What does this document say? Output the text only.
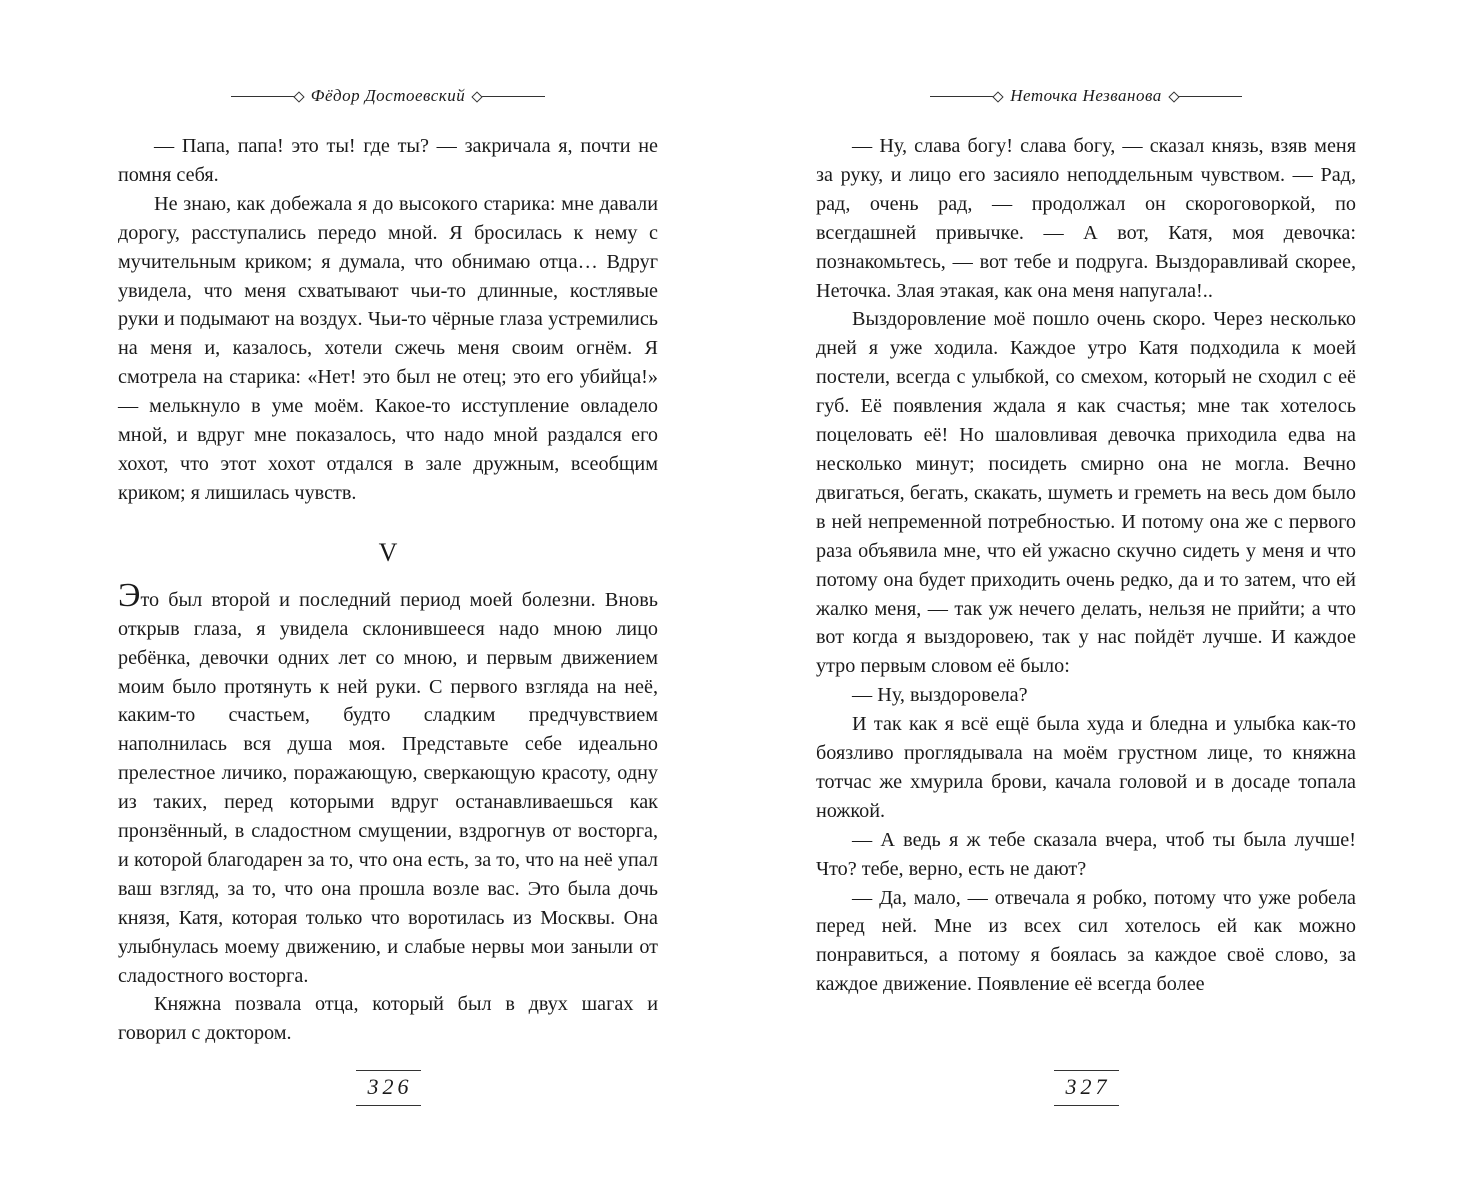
Фёдор Достоевский

— Папа, папа! это ты! где ты? — закричала я, почти не помня себя.

Не знаю, как добежала я до высокого старика: мне давали дорогу, расступались передо мной. Я бросилась к нему с мучительным криком; я думала, что обнимаю отца… Вдруг увидела, что меня схватывают чьи-то длинные, костлявые руки и подымают на воздух. Чьи-то чёрные глаза устремились на меня и, казалось, хотели сжечь меня своим огнём. Я смотрела на старика: «Нет! это был не отец; это его убийца!» — мелькнуло в уме моём. Какое-то исступление овладело мной, и вдруг мне показалось, что надо мной раздался его хохот, что этот хохот отдался в зале дружным, всеобщим криком; я лишилась чувств.

V

Это был второй и последний период моей болезни. Вновь открыв глаза, я увидела склонившееся надо мною лицо ребёнка, девочки одних лет со мною, и первым движением моим было протянуть к ней руки. С первого взгляда на неё, каким-то счастьем, будто сладким предчувствием наполнилась вся душа моя. Представьте себе идеально прелестное личико, поражающую, сверкающую красоту, одну из таких, перед которыми вдруг останавливаешься как пронзённый, в сладостном смущении, вздрогнув от восторга, и которой благодарен за то, что она есть, за то, что на неё упал ваш взгляд, за то, что она прошла возле вас. Это была дочь князя, Катя, которая только что воротилась из Москвы. Она улыбнулась моему движению, и слабые нервы мои заныли от сладостного восторга.

Княжна позвала отца, который был в двух шагах и говорил с доктором.

326
Неточка Незванова

— Ну, слава богу! слава богу, — сказал князь, взяв меня за руку, и лицо его засияло неподдельным чувством. — Рад, рад, очень рад, — продолжал он скороговоркой, по всегдашней привычке. — А вот, Катя, моя девочка: познакомьтесь, — вот тебе и подруга. Выздоравливай скорее, Неточка. Злая этакая, как она меня напугала!..

Выздоровление моё пошло очень скоро. Через несколько дней я уже ходила. Каждое утро Катя подходила к моей постели, всегда с улыбкой, со смехом, который не сходил с её губ. Её появления ждала я как счастья; мне так хотелось поцеловать её! Но шаловливая девочка приходила едва на несколько минут; посидеть смирно она не могла. Вечно двигаться, бегать, скакать, шуметь и греметь на весь дом было в ней непременной потребностью. И потому она же с первого раза объявила мне, что ей ужасно скучно сидеть у меня и что потому она будет приходить очень редко, да и то затем, что ей жалко меня, — так уж нечего делать, нельзя не прийти; а что вот когда я выздоровею, так у нас пойдёт лучше. И каждое утро первым словом её было:

— Ну, выздоровела?

И так как я всё ещё была худа и бледна и улыбка как-то боязливо проглядывала на моём грустном лице, то княжна тотчас же хмурила брови, качала головой и в досаде топала ножкой.

— А ведь я ж тебе сказала вчера, чтоб ты была лучше! Что? тебе, верно, есть не дают?

— Да, мало, — отвечала я робко, потому что уже робела перед ней. Мне из всех сил хотелось ей как можно понравиться, а потому я боялась за каждое своё слово, за каждое движение. Появление её всегда более

327
